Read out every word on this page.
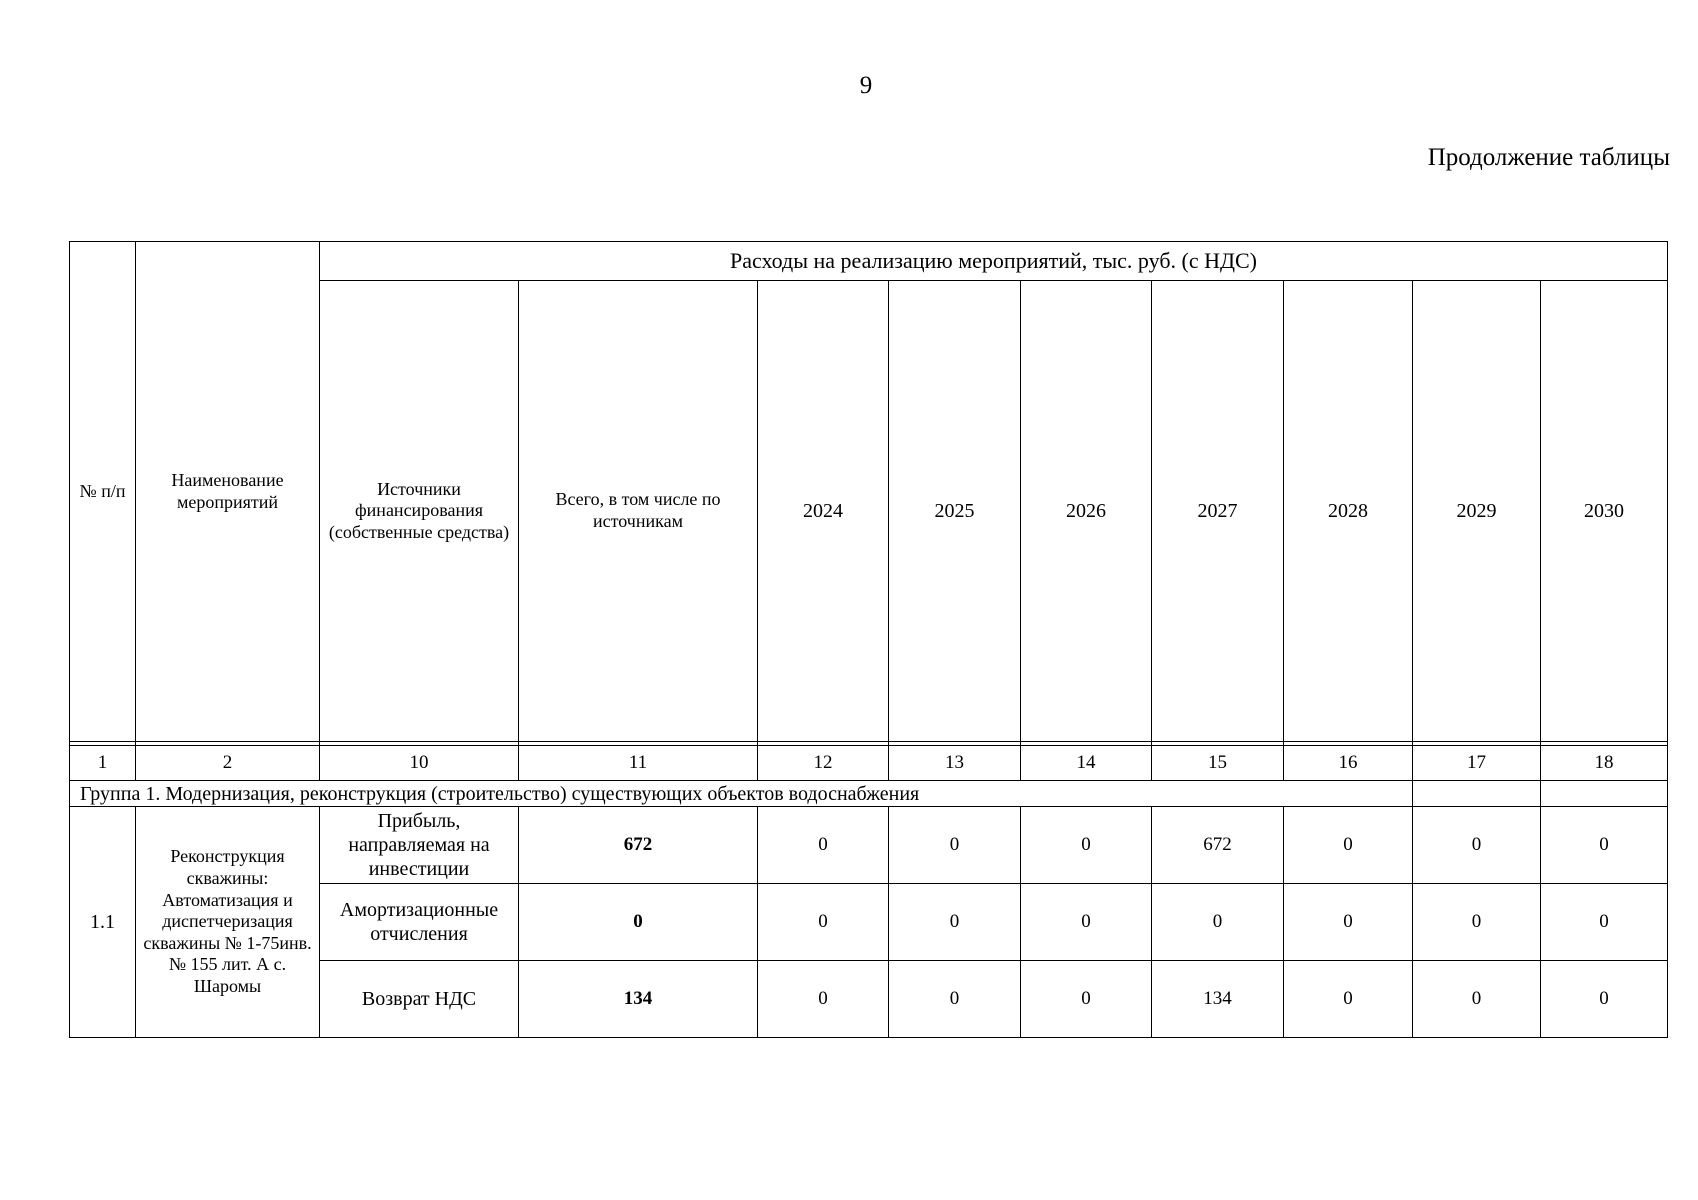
9
Продолжение таблицы
№ п/п	Наименование мероприятий	Расходы на реализацию мероприятий, тыс. руб. (с НДС)								
		Источники финансирования (собственные средства)	Всего, в том числе по источникам	2024	2025	2026	2027	2028	2029	2030

1	2	10	11	12	13	14	15	16	17	18
Группа 1. Модернизация, реконструкция (строительство) существующих объектов водоснабжения										
1.1	Реконструкция скважины: Автоматизация и диспетчеризация скважины № 1-75инв.№ 155 лит. А с. Шаромы	Прибыль, направляемая на инвестиции	672	0	0	0	672	0	0	0
		Амортизационные отчисления	0	0	0	0	0	0	0	0
		Возврат НДС	134	0	0	0	134	0	0	0
